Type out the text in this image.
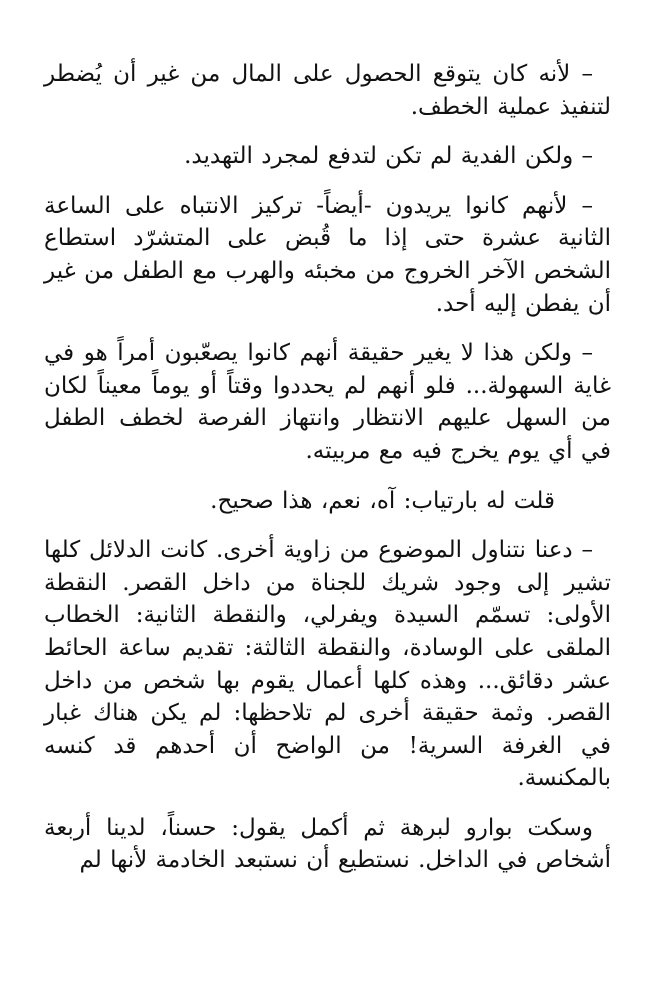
– لأنه كان يتوقع الحصول على المال من غير أن يُضطر لتنفيذ عملية الخطف.

– ولكن الفدية لم تكن لتدفع لمجرد التهديد.

– لأنهم كانوا يريدون -أيضاً- تركيز الانتباه على الساعة الثانية عشرة حتى إذا ما قُبض على المتشرّد استطاع الشخص الآخر الخروج من مخبئه والهرب مع الطفل من غير أن يفطن إليه أحد.

– ولكن هذا لا يغير حقيقة أنهم كانوا يصعّبون أمراً هو في غاية السهولة... فلو أنهم لم يحددوا وقتاً أو يوماً معيناً لكان من السهل عليهم الانتظار وانتهاز الفرصة لخطف الطفل في أي يوم يخرج فيه مع مربيته.

قلت له بارتياب: آه، نعم، هذا صحيح.

– دعنا نتناول الموضوع من زاوية أخرى. كانت الدلائل كلها تشير إلى وجود شريك للجناة من داخل القصر. النقطة الأولى: تسمّم السيدة ويفرلي، والنقطة الثانية: الخطاب الملقى على الوسادة، والنقطة الثالثة: تقديم ساعة الحائط عشر دقائق... وهذه كلها أعمال يقوم بها شخص من داخل القصر. وثمة حقيقة أخرى لم تلاحظها: لم يكن هناك غبار في الغرفة السرية! من الواضح أن أحدهم قد كنسه بالمكنسة.

وسكت بوارو لبرهة ثم أكمل يقول: حسناً، لدينا أربعة أشخاص في الداخل. نستطيع أن نستبعد الخادمة لأنها لم
